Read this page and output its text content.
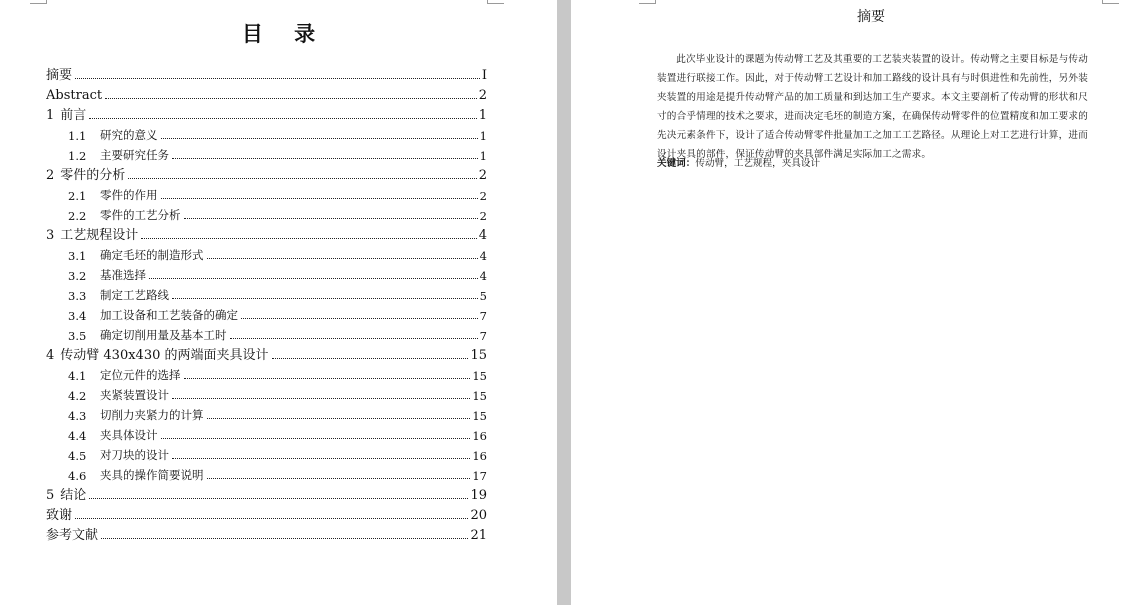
目 录
摘要	I
Abstract	2
1 前言	1
1.1	研究的意义	1
1.2	主要研究任务	1
2 零件的分析	2
2.1	零件的作用	2
2.2	零件的工艺分析	2
3 工艺规程设计	4
3.1	确定毛坯的制造形式	4
3.2	基准选择	4
3.3	制定工艺路线	5
3.4	加工设备和工艺装备的确定	7
3.5	确定切削用量及基本工时	7
4 传动臂 430x430 的两端面夹具设计	15
4.1	定位元件的选择	15
4.2	夹紧装置设计	15
4.3	切削力夹紧力的计算	15
4.4	夹具体设计	16
4.5	对刀块的设计	16
4.6	夹具的操作简要说明	17
5 结论	19
致谢	20
参考文献	21
摘要

此次毕业设计的课题为传动臂工艺及其重要的工艺装夹装置的设计。传动臂之主要目标是与传动装置进行联接工作。因此，对于传动臂工艺设计和加工路线的设计具有与时俱进性和先前性，另外装夹装置的用途是提升传动臂产品的加工质量和到达加工生产要求。本文主要剖析了传动臂的形状和尺寸的合乎情理的技术之要求，进而决定毛坯的制造方案，在确保传动臂零件的位置精度和加工要求的先决元素条件下，设计了适合传动臂零件批量加工之加工工艺路径。从理论上对工艺进行计算，进而设计夹具的部件，保证传动臂的夹具部件满足实际加工之需求。

关键词：传动臂，工艺规程，夹具设计
